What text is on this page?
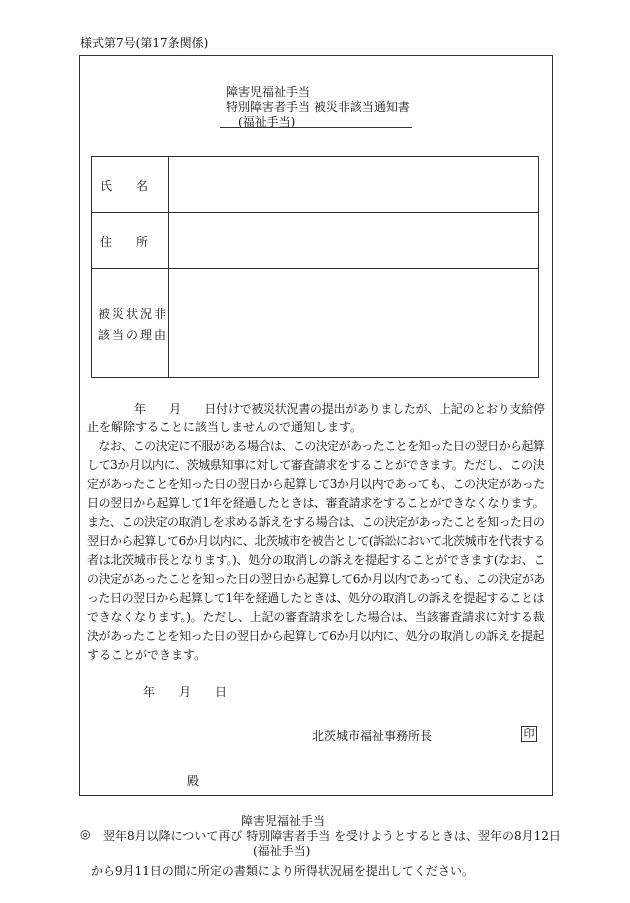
様式第7号(第17条関係)
障害児福祉手当
特別障害者手当 被災非該当通知書
(福祉手当)
氏　　名
住　　所
被災状況非
該当の理由
　　　　年　　月　　日付けで被災状況書の提出がありましたが、上記のとおり支給停
止を解除することに該当しませんので通知します。
　なお、この決定に不服がある場合は、この決定があったことを知った日の翌日から起算
して3か月以内に、茨城県知事に対して審査請求をすることができます。ただし、この決
定があったことを知った日の翌日から起算して3か月以内であっても、この決定があった
日の翌日から起算して1年を経過したときは、審査請求をすることができなくなります。
また、この決定の取消しを求める訴えをする場合は、この決定があったことを知った日の
翌日から起算して6か月以内に、北茨城市を被告として(訴訟において北茨城市を代表する
者は北茨城市長となります。)、処分の取消しの訴えを提起することができます(なお、こ
の決定があったことを知った日の翌日から起算して6か月以内であっても、この決定があ
った日の翌日から起算して1年を経過したときは、処分の取消しの訴えを提起することは
できなくなります。)。ただし、上記の審査請求をした場合は、当該審査請求に対する裁
決があったことを知った日の翌日から起算して6か月以内に、処分の取消しの訴えを提起
することができます。
年　　月　　日
北茨城市福祉事務所長	印
殿
障害児福祉手当
◎ 翌年8月以降について再び 特別障害者手当 を受けようとするときは、翌年の8月12日
(福祉手当)
から9月11日の間に所定の書類により所得状況届を提出してください。
